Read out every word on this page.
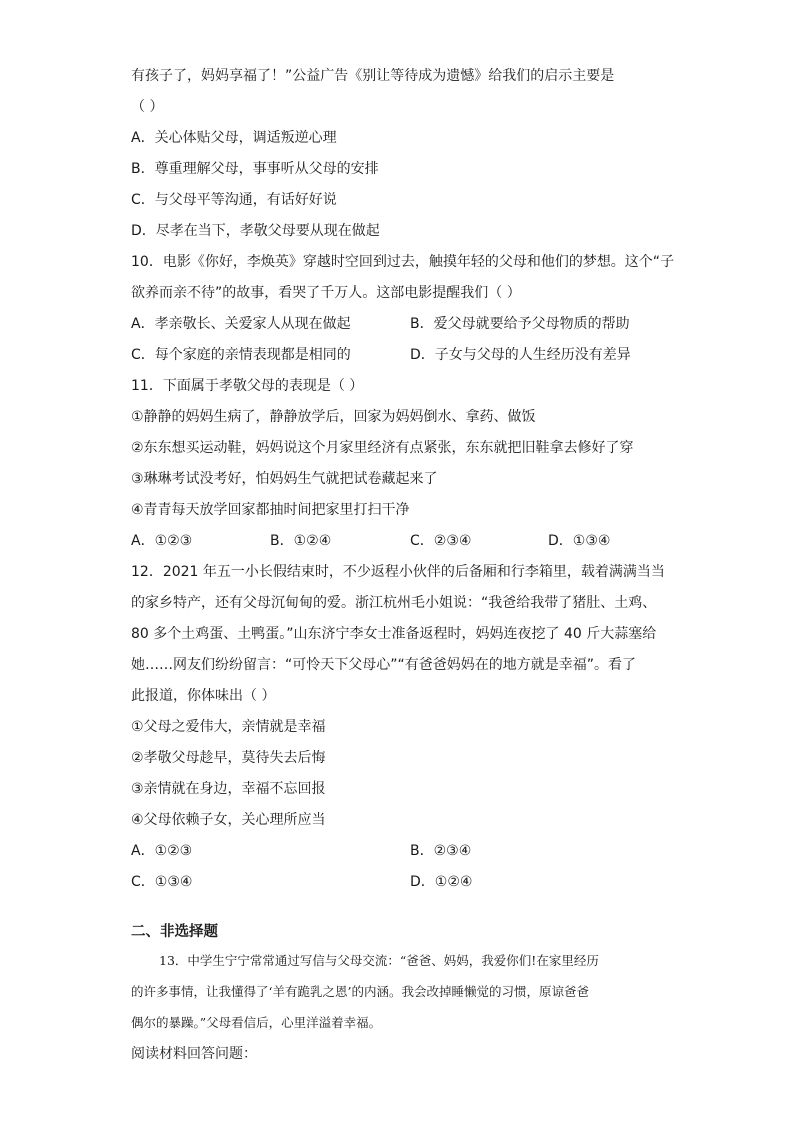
有孩子了，妈妈享福了！”公益广告《别让等待成为遗憾》给我们的启示主要是
（ ）
A．关心体贴父母，调适叛逆心理
B．尊重理解父母，事事听从父母的安排
C．与父母平等沟通，有话好好说
D．尽孝在当下，孝敬父母要从现在做起
10．电影《你好，李焕英》穿越时空回到过去，触摸年轻的父母和他们的梦想。这个“子
欲养而亲不待”的故事，看哭了千万人。这部电影提醒我们（ ）
A．孝亲敬长、关爱家人从现在做起	B．爱父母就要给予父母物质的帮助
C．每个家庭的亲情表现都是相同的	D．子女与父母的人生经历没有差异
11．下面属于孝敬父母的表现是（ ）
①静静的妈妈生病了，静静放学后，回家为妈妈倒水、拿药、做饭
②东东想买运动鞋，妈妈说这个月家里经济有点紧张，东东就把旧鞋拿去修好了穿
③琳琳考试没考好，怕妈妈生气就把试卷藏起来了
④青青每天放学回家都抽时间把家里打扫干净
A．①②③	B．①②④	C．②③④	D．①③④
12．2021 年五一小长假结束时，不少返程小伙伴的后备厢和行李箱里，载着满满当当
的家乡特产，还有父母沉甸甸的爱。浙江杭州毛小姐说：“我爸给我带了猪肚、土鸡、
80 多个土鸡蛋、土鸭蛋。”山东济宁李女士准备返程时，妈妈连夜挖了 40 斤大蒜塞给
她……网友们纷纷留言：“可怜天下父母心”“有爸爸妈妈在的地方就是幸福”。看了
此报道，你体味出（ ）
①父母之爱伟大，亲情就是幸福
②孝敬父母趁早，莫待失去后悔
③亲情就在身边，幸福不忘回报
④父母依赖子女，关心理所应当
A．①②③	B．②③④
C．①③④	D．①②④
二、非选择题
13．中学生宁宁常常通过写信与父母交流：“爸爸、妈妈，我爱你们!在家里经历
的许多事情，让我懂得了‘羊有跪乳之恩’的内涵。我会改掉睡懒觉的习惯，原谅爸爸
偶尔的暴躁。”父母看信后，心里洋溢着幸福。
阅读材料回答问题：
